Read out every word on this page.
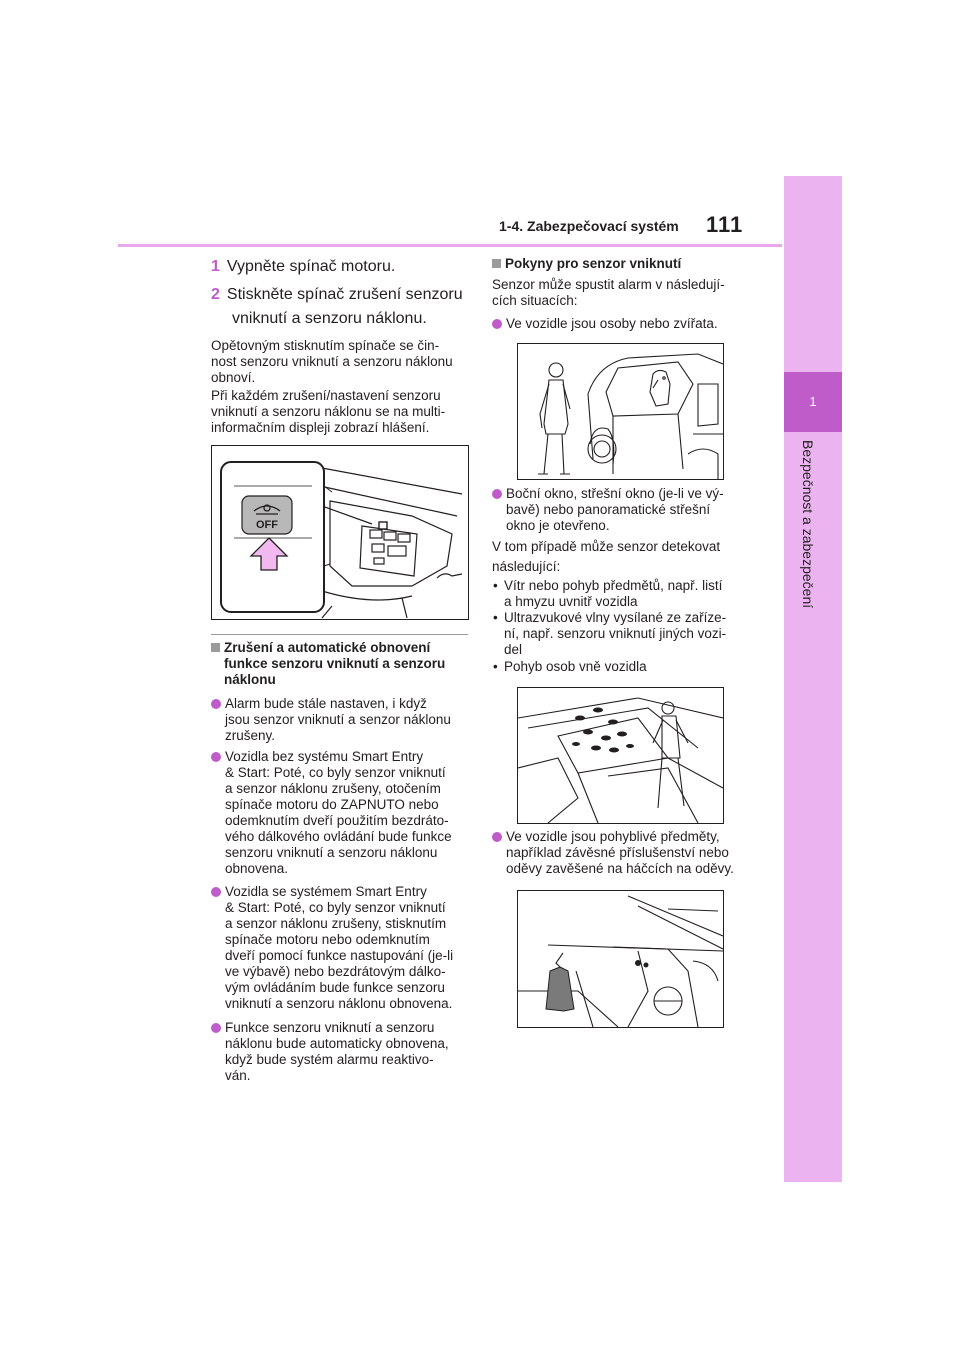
1-4. Zabezpečovací systém 111
1
Bezpečnost a zabezpečení
1 Vypněte spínač motoru.
2 Stiskněte spínač zrušení senzoru
vniknutí a senzoru náklonu.
Opětovným stisknutím spínače se čin-
nost senzoru vniknutí a senzoru náklonu
obnoví.
Při každém zrušení/nastavení senzoru
vniknutí a senzoru náklonu se na multi-
informačním displeji zobrazí hlášení.
OFF
Zrušení a automatické obnovení
funkce senzoru vniknutí a senzoru
náklonu
Alarm bude stále nastaven, i když
jsou senzor vniknutí a senzor náklonu
zrušeny.
Vozidla bez systému Smart Entry
& Start: Poté, co byly senzor vniknutí
a senzor náklonu zrušeny, otočením
spínače motoru do ZAPNUTO nebo
odemknutím dveří použitím bezdráto-
vého dálkového ovládání bude funkce
senzoru vniknutí a senzoru náklonu
obnovena.
Vozidla se systémem Smart Entry
& Start: Poté, co byly senzor vniknutí
a senzor náklonu zrušeny, stisknutím
spínače motoru nebo odemknutím
dveří pomocí funkce nastupování (je-li
ve výbavě) nebo bezdrátovým dálko-
vým ovládáním bude funkce senzoru
vniknutí a senzoru náklonu obnovena.
Funkce senzoru vniknutí a senzoru
náklonu bude automaticky obnovena,
když bude systém alarmu reaktivo-
ván.
Pokyny pro senzor vniknutí
Senzor může spustit alarm v následují-
cích situacích:
Ve vozidle jsou osoby nebo zvířata.
Boční okno, střešní okno (je-li ve vý-
bavě) nebo panoramatické střešní
okno je otevřeno.
V tom případě může senzor detekovat
následující:
• Vítr nebo pohyb předmětů, např. listí
a hmyzu uvnitř vozidla
• Ultrazvukové vlny vysílané ze zaříze-
ní, např. senzoru vniknutí jiných vozi-
del
• Pohyb osob vně vozidla
Ve vozidle jsou pohyblivé předměty,
například závěsné příslušenství nebo
oděvy zavěšené na háčcích na oděvy.
